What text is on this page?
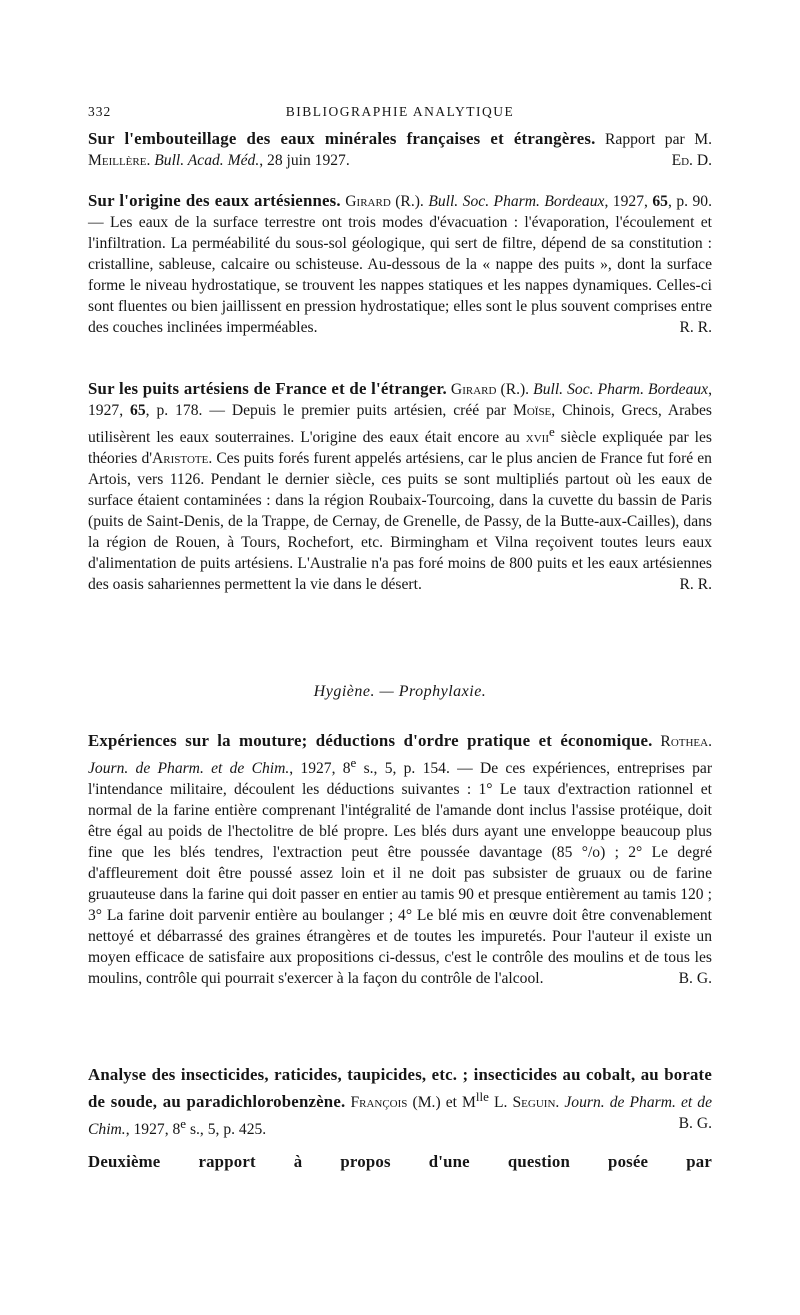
332	BIBLIOGRAPHIE ANALYTIQUE

Sur l'embouteillage des eaux minérales françaises et étrangères. Rapport par M. Meillère. Bull. Acad. Méd., 28 juin 1927.	Ed. D.

Sur l'origine des eaux artésiennes. Girard (R.). Bull. Soc. Pharm. Bordeaux, 1927, 65, p. 90. — Les eaux de la surface terrestre ont trois modes d'évacuation : l'évaporation, l'écoulement et l'infiltration. La perméabilité du sous-sol géologique, qui sert de filtre, dépend de sa constitution : cristalline, sableuse, calcaire ou schisteuse. Au-dessous de la « nappe des puits », dont la surface forme le niveau hydrostatique, se trouvent les nappes statiques et les nappes dynamiques. Celles-ci sont fluentes ou bien jaillissent en pression hydrostatique; elles sont le plus souvent comprises entre des couches inclinées imperméables.	R. R.

Sur les puits artésiens de France et de l'étranger. Girard (R.). Bull. Soc. Pharm. Bordeaux, 1927, 65, p. 178. — Depuis le premier puits artésien, créé par Moïse, Chinois, Grecs, Arabes utilisèrent les eaux souterraines. L'origine des eaux était encore au xvii$^e$ siècle expliquée par les théories d'Aristote. Ces puits forés furent appelés artésiens, car le plus ancien de France fut foré en Artois, vers 1126. Pendant le dernier siècle, ces puits se sont multipliés partout où les eaux de surface étaient contaminées : dans la région Roubaix-Tourcoing, dans la cuvette du bassin de Paris (puits de Saint-Denis, de la Trappe, de Cernay, de Grenelle, de Passy, de la Butte-aux-Cailles), dans la région de Rouen, à Tours, Rochefort, etc. Birmingham et Vilna reçoivent toutes leurs eaux d'alimentation de puits artésiens. L'Australie n'a pas foré moins de 800 puits et les eaux artésiennes des oasis sahariennes permettent la vie dans le désert.	R. R.

Hygiène. — Prophylaxie.

Expériences sur la mouture; déductions d'ordre pratique et économique. Rothea. Journ. de Pharm. et de Chim., 1927, 8e s., 5, p. 154. — De ces expériences, entreprises par l'intendance militaire, découlent les déductions suivantes : 1° Le taux d'extraction rationnel et normal de la farine entière comprenant l'intégralité de l'amande dont inclus l'assise protéique, doit être égal au poids de l'hectolitre de blé propre. Les blés durs ayant une enveloppe beaucoup plus fine que les blés tendres, l'extraction peut être poussée davantage (85 °/o) ; 2° Le degré d'affleurement doit être poussé assez loin et il ne doit pas subsister de gruaux ou de farine gruauteuse dans la farine qui doit passer en entier au tamis 90 et presque entièrement au tamis 120 ; 3° La farine doit parvenir entière au boulanger ; 4° Le blé mis en œuvre doit être convenablement nettoyé et débarrassé des graines étrangères et de toutes les impuretés. Pour l'auteur il existe un moyen efficace de satisfaire aux propositions ci-dessus, c'est le contrôle des moulins et de tous les moulins, contrôle qui pourrait s'exercer à la façon du contrôle de l'alcool.	B. G.

Analyse des insecticides, raticides, taupicides, etc. ; insecticides au cobalt, au borate de soude, au paradichlorobenzène. François (M.) et $M^{lle}$ L. Seguin. Journ. de Pharm. et de Chim., 1927, 8e s., 5, p. 425.	B. G.

Deuxième rapport à propos d'une question posée par
